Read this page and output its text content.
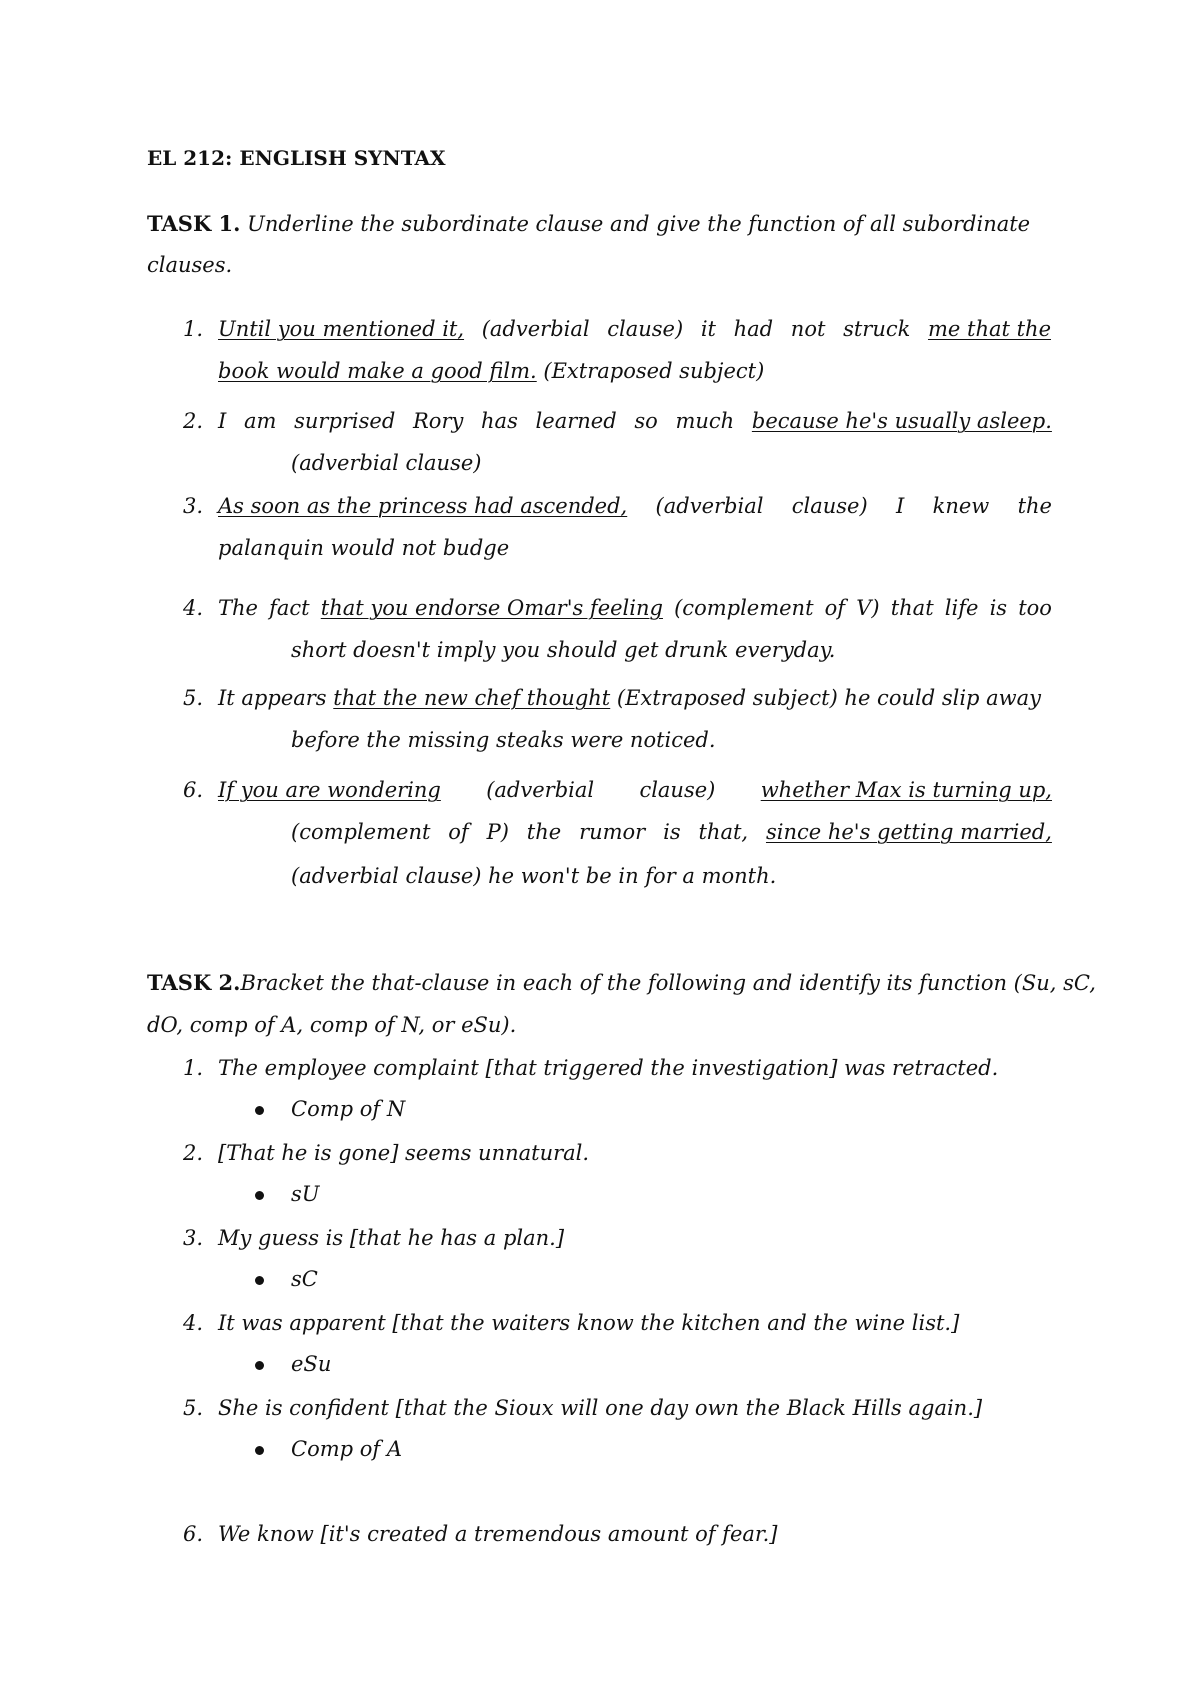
EL 212: ENGLISH SYNTAX
TASK 1. Underline the subordinate clause and give the function of all subordinate
clauses.
1. Until you mentioned it, (adverbial clause) it had not struck me that the
book would make a good film. (Extraposed subject)
2. I am surprised Rory has learned so much because he's usually asleep.
(adverbial clause)
3. As soon as the princess had ascended, (adverbial clause) I knew the
palanquin would not budge
4. The fact that you endorse Omar's feeling (complement of V) that life is too
short doesn't imply you should get drunk everyday.
5. It appears that the new chef thought (Extraposed subject) he could slip away
before the missing steaks were noticed.
6. If you are wondering (adverbial clause) whether Max is turning up,
(complement of P) the rumor is that, since he's getting married,
(adverbial clause) he won't be in for a month.
TASK 2.Bracket the that-clause in each of the following and identify its function (Su, sC,
dO, comp of A, comp of N, or eSu).
1. The employee complaint [that triggered the investigation] was retracted.
Comp of N
2. [That he is gone] seems unnatural.
sU
3. My guess is [that he has a plan.]
sC
4. It was apparent [that the waiters know the kitchen and the wine list.]
eSu
5. She is confident [that the Sioux will one day own the Black Hills again.]
Comp of A
6. We know [it's created a tremendous amount of fear.]
